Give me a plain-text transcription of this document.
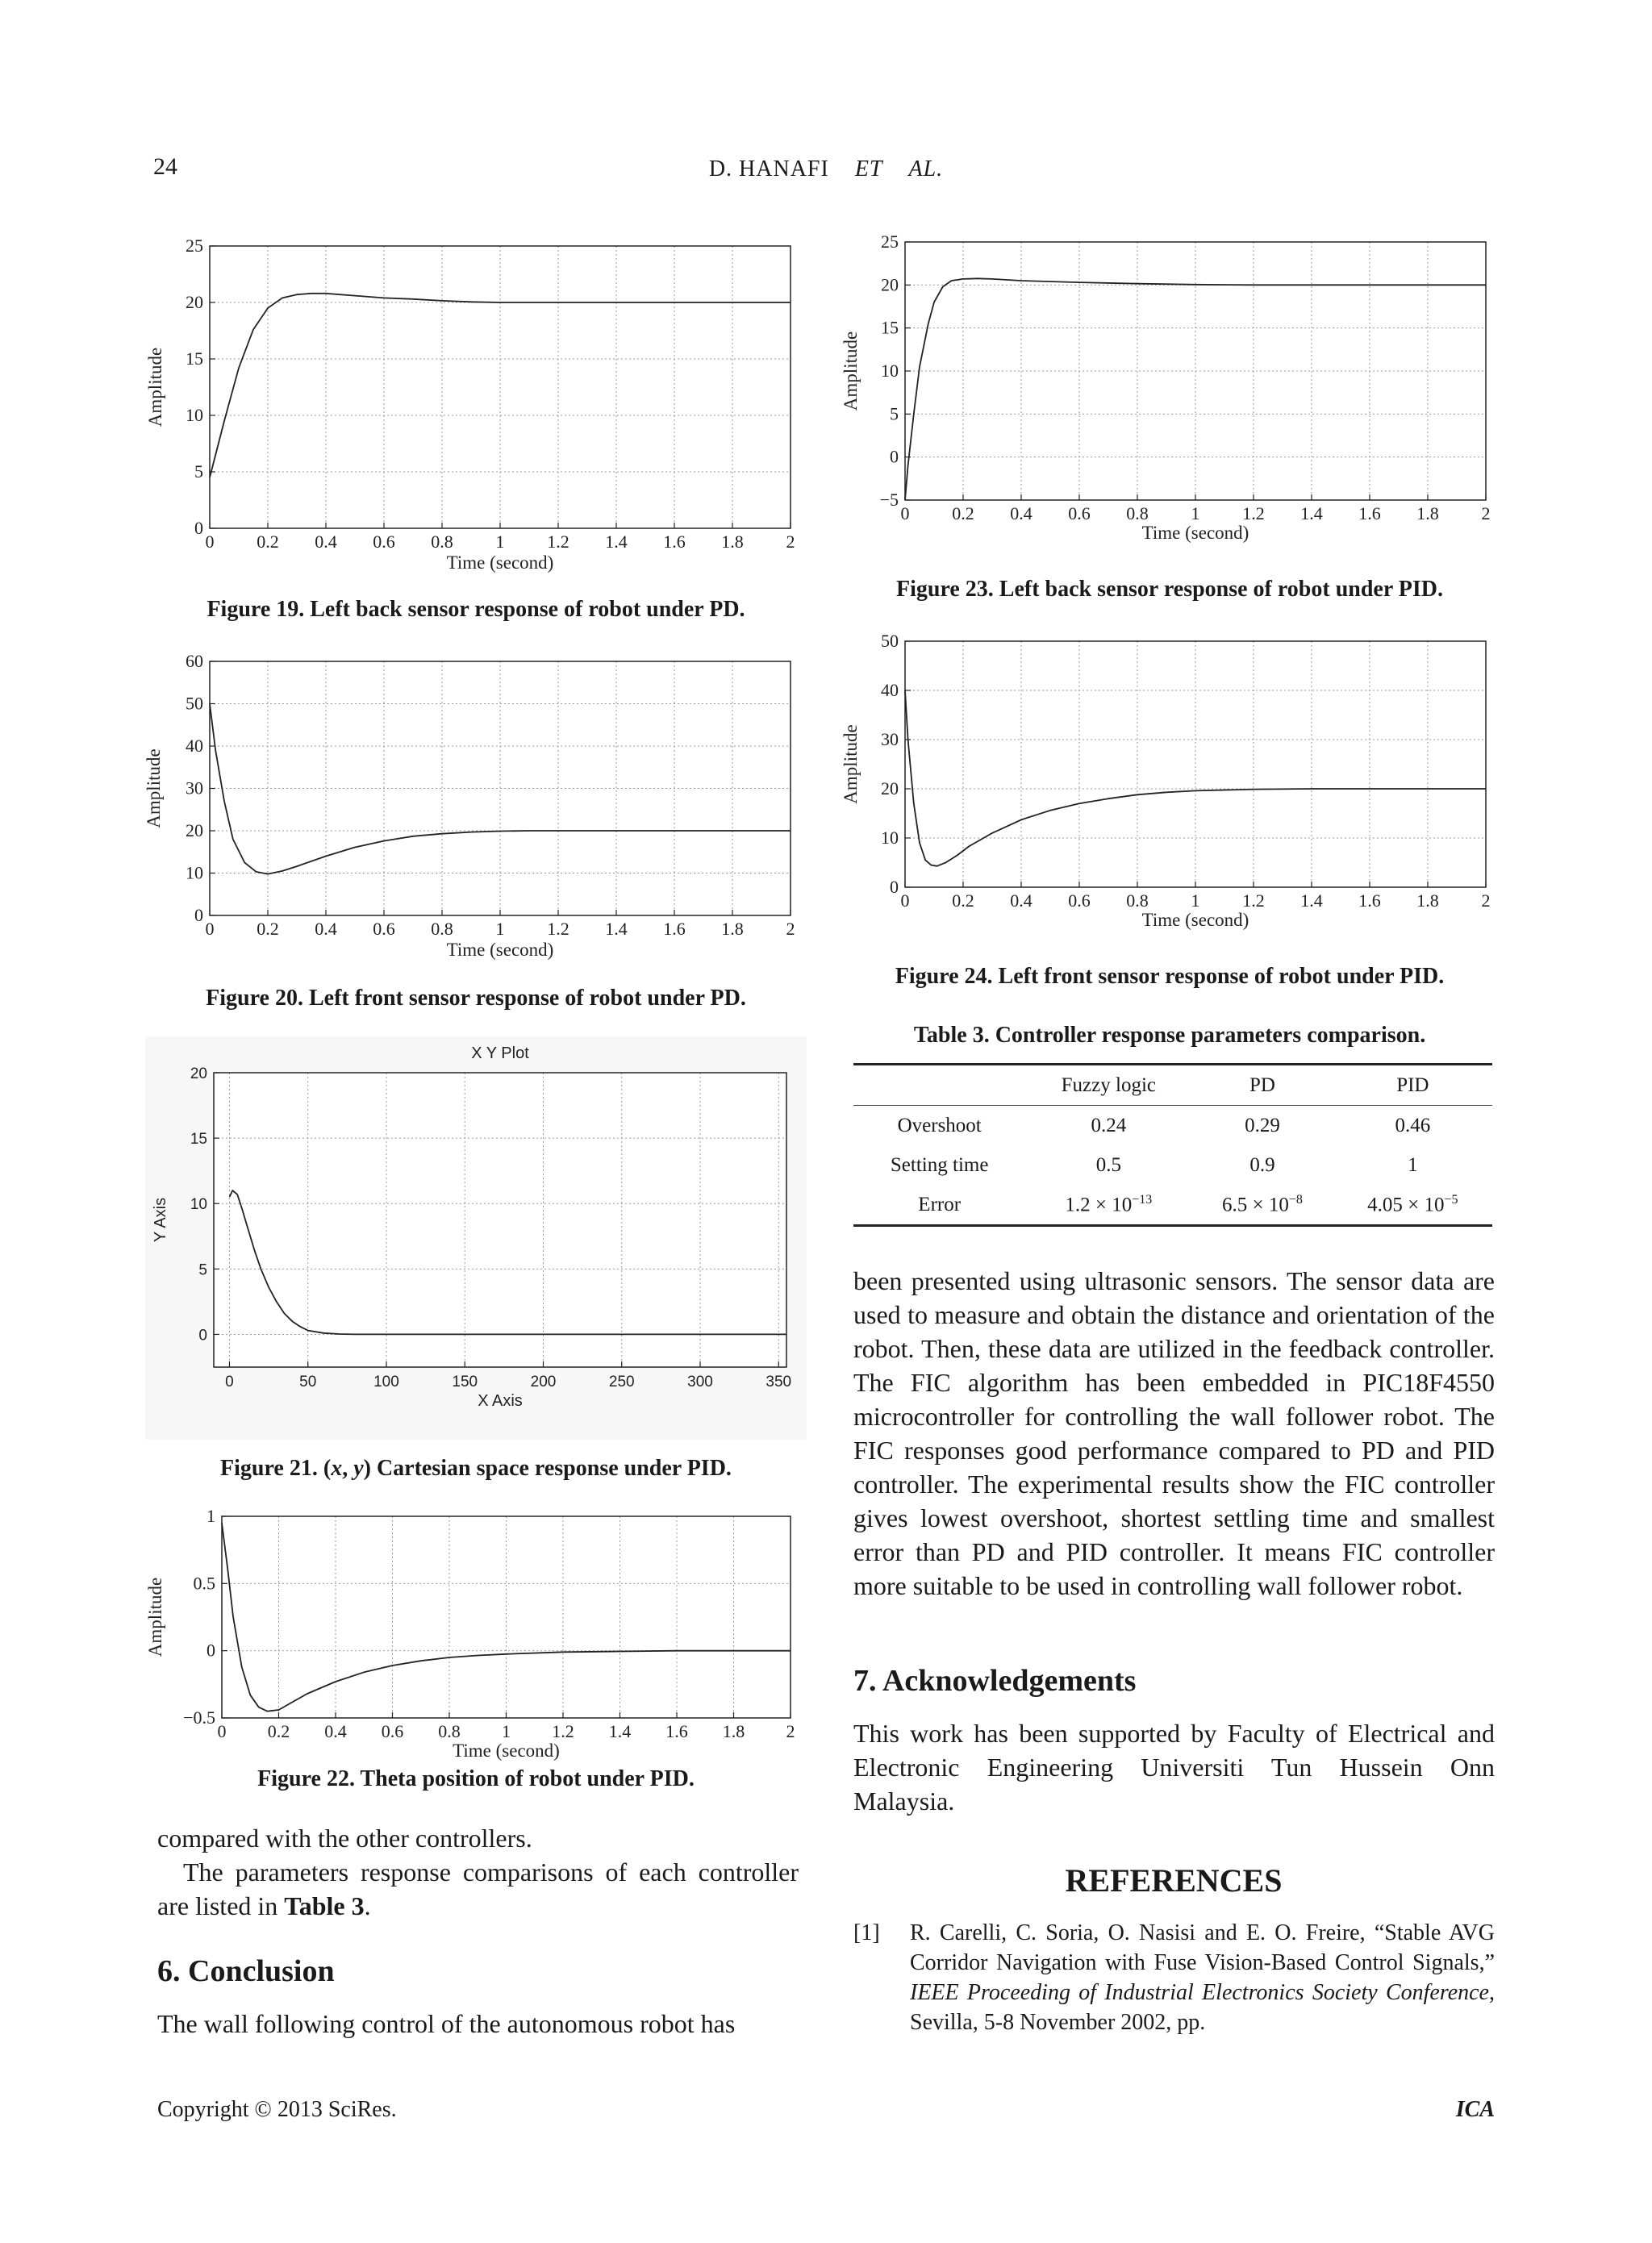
24	D. HANAFI ET AL.
0 0.2 0.4 0.6 0.8 1 1.2 1.4 1.6 1.8 2
0
5
10
15
20
25
Time (second)
Amplitude
Figure 19. Left back sensor response of robot under PD.
0 0.2 0.4 0.6 0.8 1 1.2 1.4 1.6 1.8 2
0
10
20
30
40
50
60
Time (second)
Amplitude
Figure 20. Left front sensor response of robot under PD.
0	50	100	150	200	250	300	350
0
5
10
15
20
X Axis
Y Axis
X Y Plot
Figure 21. (x, y) Cartesian space response under PID.
0 0.2 0.4 0.6 0.8 1 1.2 1.4 1.6 1.8 2
−0.5
0
0.5
1
Time (second)
Amplitude
Figure 22. Theta position of robot under PID.
0 0.2 0.4 0.6 0.8 1 1.2 1.4 1.6 1.8 2
−5
0
5
10
15
20
25
Time (second)
Amplitude
Figure 23. Left back sensor response of robot under PID.
0 0.2 0.4 0.6 0.8 1 1.2 1.4 1.6 1.8 2
0
10
20
30
40
50
Time (second)
Amplitude
Figure 24. Left front sensor response of robot under PID.
Table 3. Controller response parameters comparison.
	Fuzzy logic	PD	PID
Overshoot	0.24	0.29	0.46
Setting time	0.5	0.9	1
Error	$1.2 \times 10^{-13}$	$6.5 \times 10^{-8}$	$4.05 \times 10^{-5}$

compared with the other controllers.

The parameters response comparisons of each controller are listed in Table 3.

6. Conclusion

The wall following control of the autonomous robot has

been presented using ultrasonic sensors. The sensor data are used to measure and obtain the distance and orientation of the robot. Then, these data are utilized in the feedback controller. The FIC algorithm has been embedded in PIC18F4550 microcontroller for controlling the wall follower robot. The FIC responses good performance compared to PD and PID controller. The experimental results show the FIC controller gives lowest overshoot, shortest settling time and smallest error than PD and PID controller. It means FIC controller more suitable to be used in controlling wall follower robot.

7. Acknowledgements

This work has been supported by Faculty of Electrical and Electronic Engineering Universiti Tun Hussein Onn Malaysia.

REFERENCES
[1] R. Carelli, C. Soria, O. Nasisi and E. O. Freire, “Stable AVG Corridor Navigation with Fuse Vision-Based Control Signals,” IEEE Proceeding of Industrial Electronics Society Conference, Sevilla, 5-8 November 2002, pp.
Copyright © 2013 SciRes.	ICA
